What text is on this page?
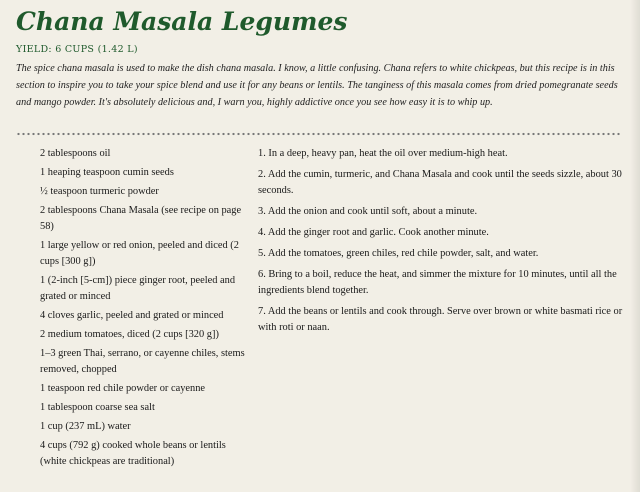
Chana Masala Legumes
YIELD: 6 CUPS (1.42 L)
The spice chana masala is used to make the dish chana masala. I know, a little confusing. Chana refers to white chickpeas, but this recipe is in this section to inspire you to take your spice blend and use it for any beans or lentils. The tanginess of this masala comes from dried pomegranate seeds and mango powder. It's absolutely delicious and, I warn you, highly addictive once you see how easy it is to whip up.
2 tablespoons oil
1 heaping teaspoon cumin seeds
½ teaspoon turmeric powder
2 tablespoons Chana Masala (see recipe on page 58)
1 large yellow or red onion, peeled and diced (2 cups [300 g])
1 (2-inch [5-cm]) piece ginger root, peeled and grated or minced
4 cloves garlic, peeled and grated or minced
2 medium tomatoes, diced (2 cups [320 g])
1–3 green Thai, serrano, or cayenne chiles, stems removed, chopped
1 teaspoon red chile powder or cayenne
1 tablespoon coarse sea salt
1 cup (237 mL) water
4 cups (792 g) cooked whole beans or lentils (white chickpeas are traditional)
1. In a deep, heavy pan, heat the oil over medium-high heat.
2. Add the cumin, turmeric, and Chana Masala and cook until the seeds sizzle, about 30 seconds.
3. Add the onion and cook until soft, about a minute.
4. Add the ginger root and garlic. Cook another minute.
5. Add the tomatoes, green chiles, red chile powder, salt, and water.
6. Bring to a boil, reduce the heat, and simmer the mixture for 10 minutes, until all the ingredients blend together.
7. Add the beans or lentils and cook through. Serve over brown or white basmati rice or with roti or naan.
